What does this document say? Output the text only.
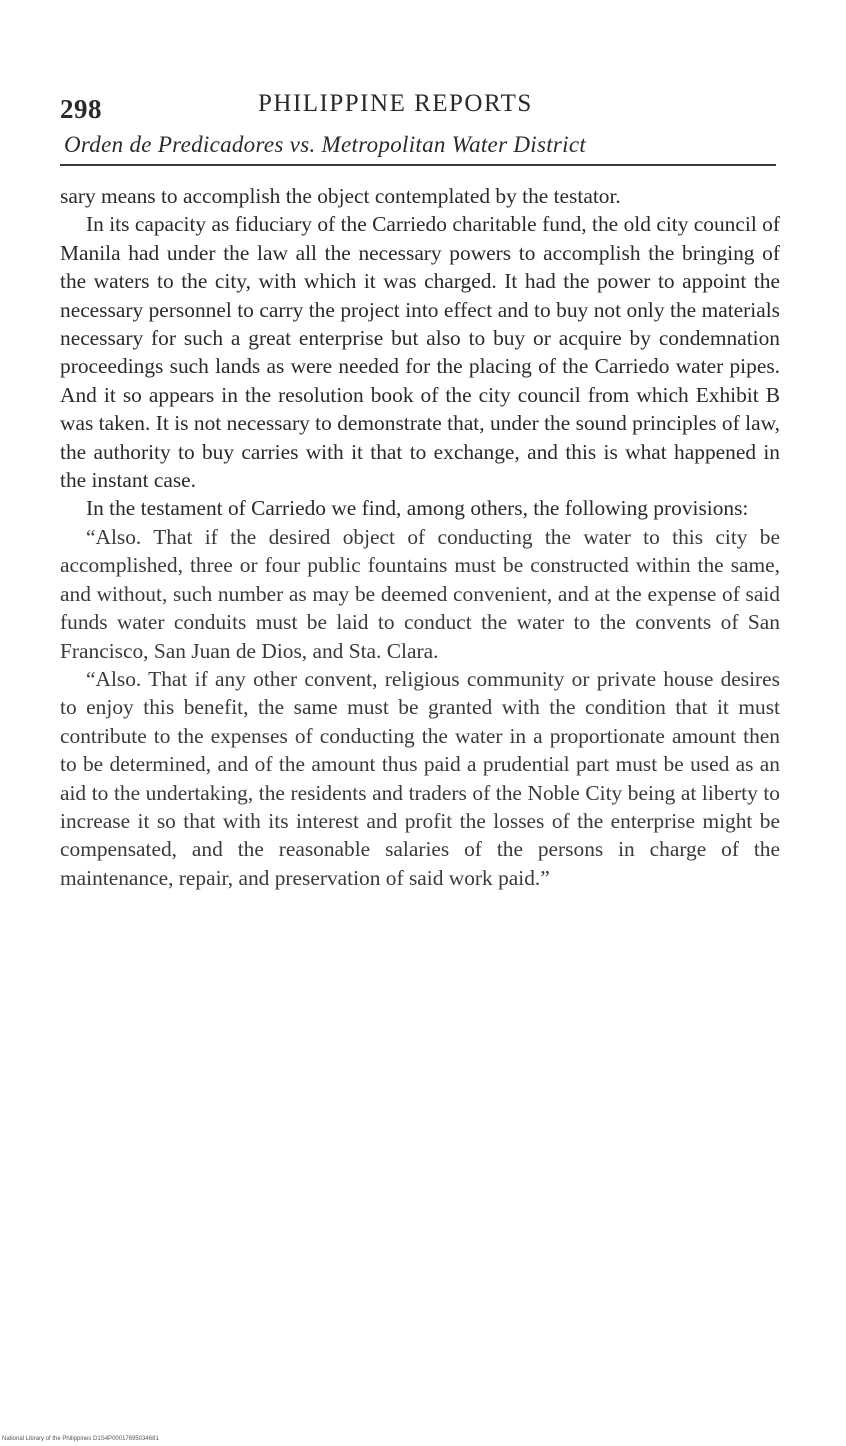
298	PHILIPPINE REPORTS
Orden de Predicadores vs. Metropolitan Water District

sary means to accomplish the object contemplated by the testator.

In its capacity as fiduciary of the Carriedo charitable fund, the old city council of Manila had under the law all the necessary powers to accomplish the bringing of the waters to the city, with which it was charged. It had the power to appoint the necessary personnel to carry the project into effect and to buy not only the materials necessary for such a great enterprise but also to buy or acquire by condemnation proceedings such lands as were needed for the placing of the Carriedo water pipes. And it so appears in the resolution book of the city council from which Exhibit B was taken. It is not necessary to demonstrate that, under the sound principles of law, the authority to buy carries with it that to exchange, and this is what happened in the instant case.

In the testament of Carriedo we find, among others, the following provisions:

“Also. That if the desired object of conducting the water to this city be accomplished, three or four public fountains must be constructed within the same, and without, such number as may be deemed convenient, and at the expense of said funds water conduits must be laid to conduct the water to the convents of San Francisco, San Juan de Dios, and Sta. Clara.

“Also. That if any other convent, religious community or private house desires to enjoy this benefit, the same must be granted with the condition that it must contribute to the expenses of conducting the water in a proportionate amount then to be determined, and of the amount thus paid a prudential part must be used as an aid to the undertaking, the residents and traders of the Noble City being at liberty to increase it so that with its interest and profit the losses of the enterprise might be compensated, and the reasonable salaries of the persons in charge of the maintenance, repair, and preservation of said work paid.”

National Library of the Philippines D1S4P00017695034681
